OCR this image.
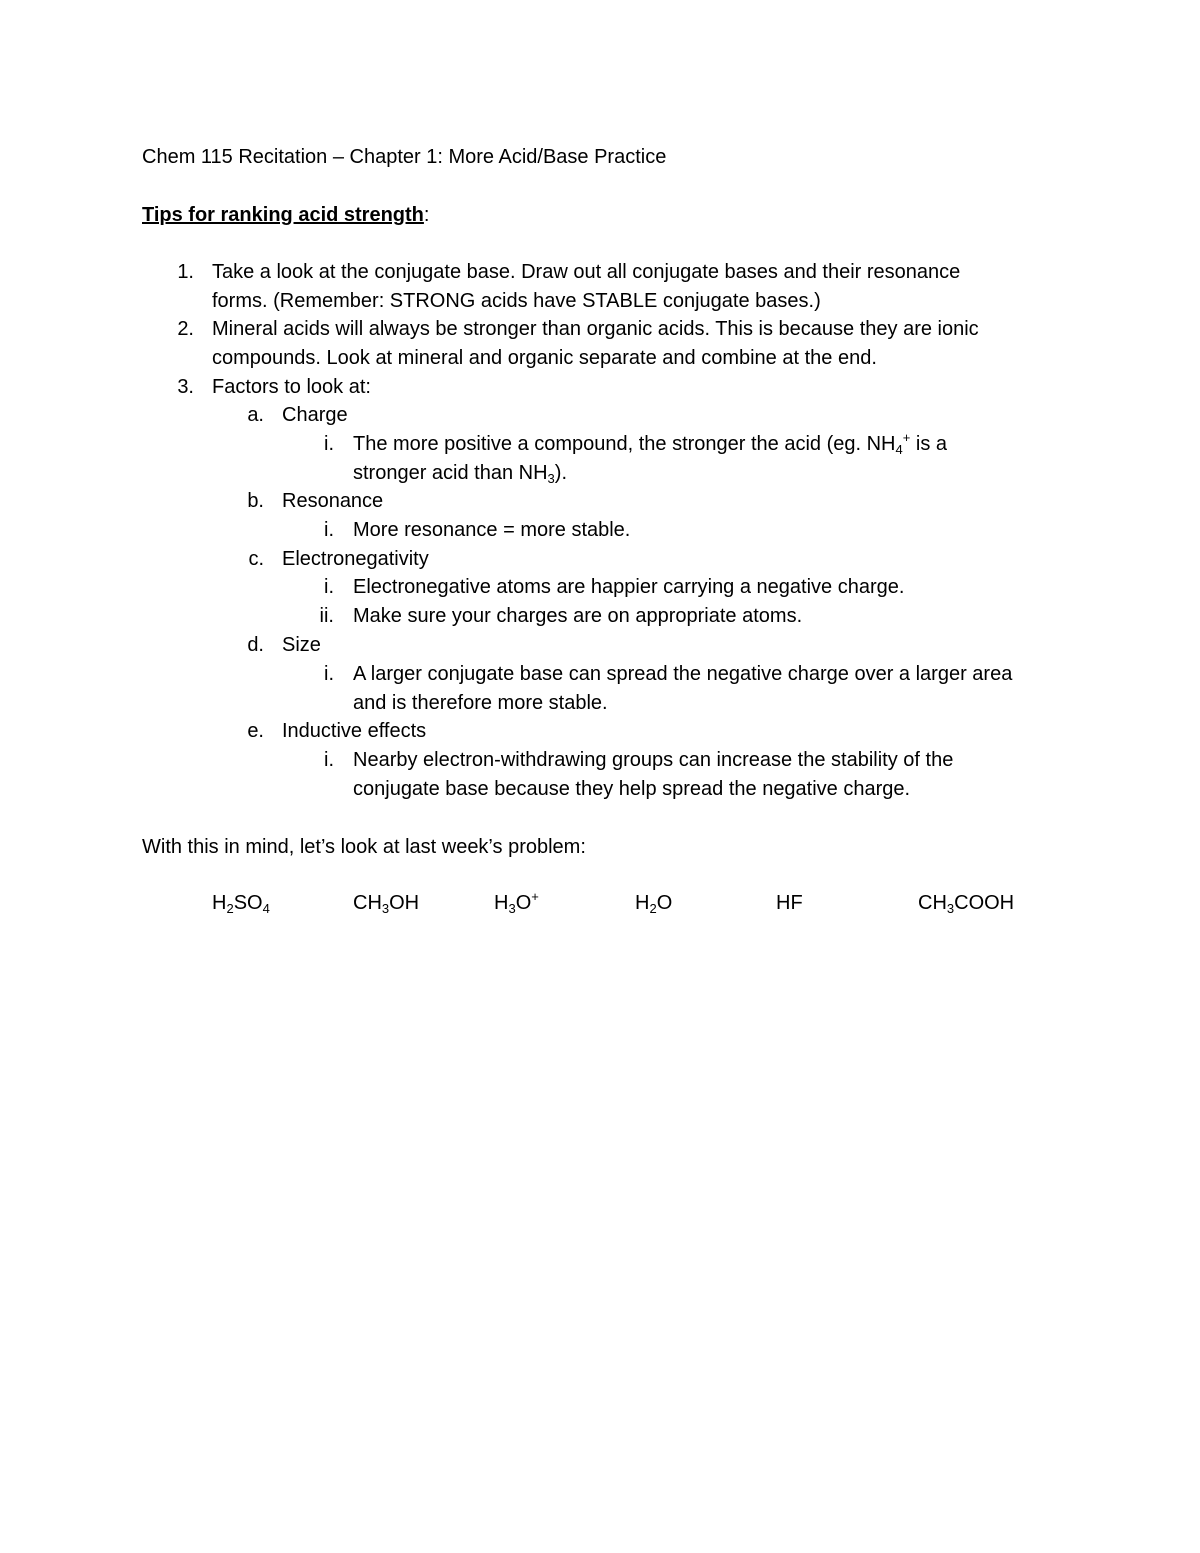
Chem 115 Recitation – Chapter 1: More Acid/Base Practice
Tips for ranking acid strength:
1. Take a look at the conjugate base. Draw out all conjugate bases and their resonance
forms. (Remember: STRONG acids have STABLE conjugate bases.)
2. Mineral acids will always be stronger than organic acids. This is because they are ionic
compounds. Look at mineral and organic separate and combine at the end.
3. Factors to look at:
a. Charge
i. The more positive a compound, the stronger the acid (eg. $NH_4^+$ is a
stronger acid than $NH_3$).
b. Resonance
i. More resonance = more stable.
c. Electronegativity
i. Electronegative atoms are happier carrying a negative charge.
ii. Make sure your charges are on appropriate atoms.
d. Size
i. A larger conjugate base can spread the negative charge over a larger area
and is therefore more stable.
e. Inductive effects
i. Nearby electron-withdrawing groups can increase the stability of the
conjugate base because they help spread the negative charge.
With this in mind, let’s look at last week’s problem:
$H_2SO_4$	$CH_3OH$	$H_3O^+$	$H_2O$	HF	$CH_3COOH$
